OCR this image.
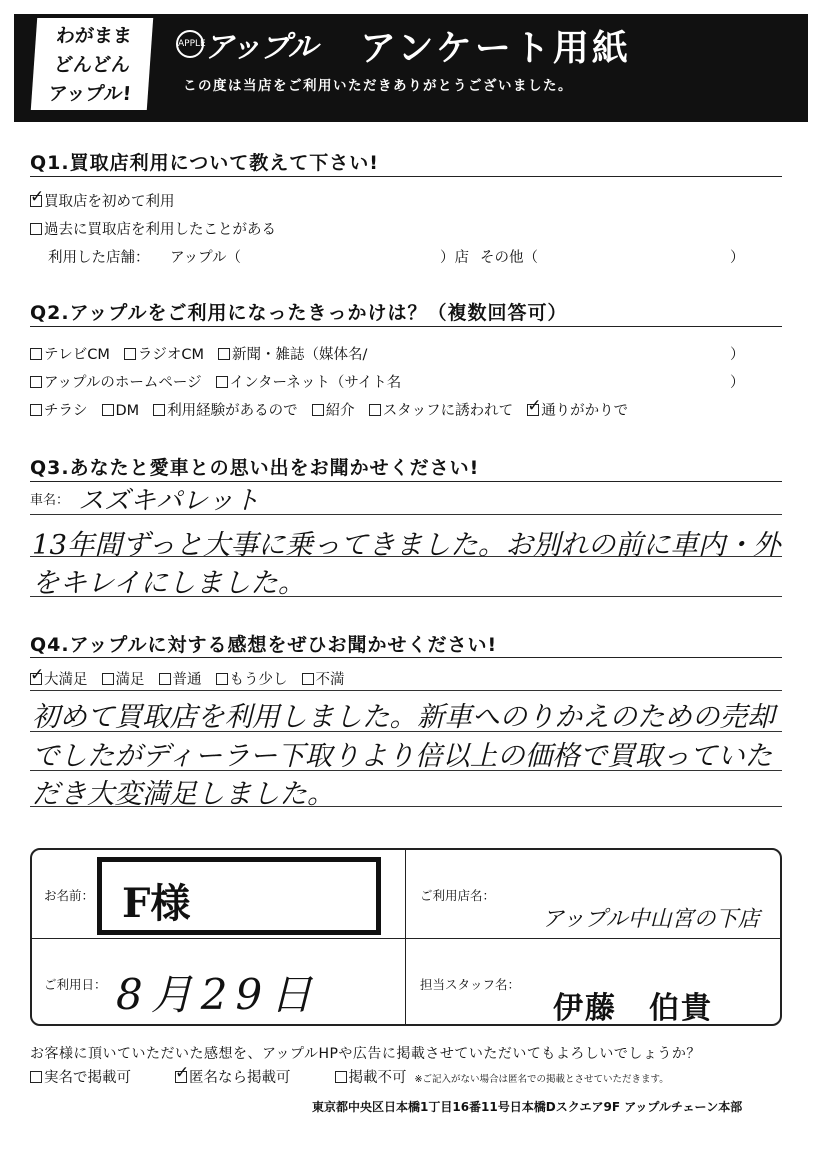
わがまま
どんどん
アップル!
APPLE
アップル アンケート用紙
この度は当店をご利用いただきありがとうございました。
Q1.買取店利用について教えて下さい!
✓買取店を初めて利用
過去に買取店を利用したことがある
利用した店舗： アップル（	）店 その他（	）
Q2.アップルをご利用になったきっかけは？（複数回答可）
テレビCM ラジオCM 新聞・雑誌（媒体名/	）
アップルのホームページ インターネット（サイト名	）
チラシ DM 利用経験があるので 紹介 スタッフに誘われて ✓ 通りがかりで
Q3.あなたと愛車との思い出をお聞かせください!
車名： スズキパレット
13年間ずっと大事に乗ってきました。お別れの前に車内・外
をキレイにしました。
Q4.アップルに対する感想をぜひお聞かせください!
✓大満足 満足 普通 もう少し 不満
初めて買取店を利用しました。新車へのりかえのための売却
でしたがディーラー下取りより倍以上の価格で買取っていた
だき大変満足しました。
お名前： F様	ご利用店名：
アップル中山宮の下店
ご利用日： 8月29日	担当スタッフ名：
伊藤　伯貴
お客様に頂いていただいた感想を、アップルHPや広告に掲載させていただいてもよろしいでしょうか？
実名で掲載可 ✓	匿名なら掲載可	掲載不可 ※ご記入がない場合は匿名での掲載とさせていただきます。
東京都中央区日本橋1丁目16番11号日本橋Dスクエア9F アップルチェーン本部
